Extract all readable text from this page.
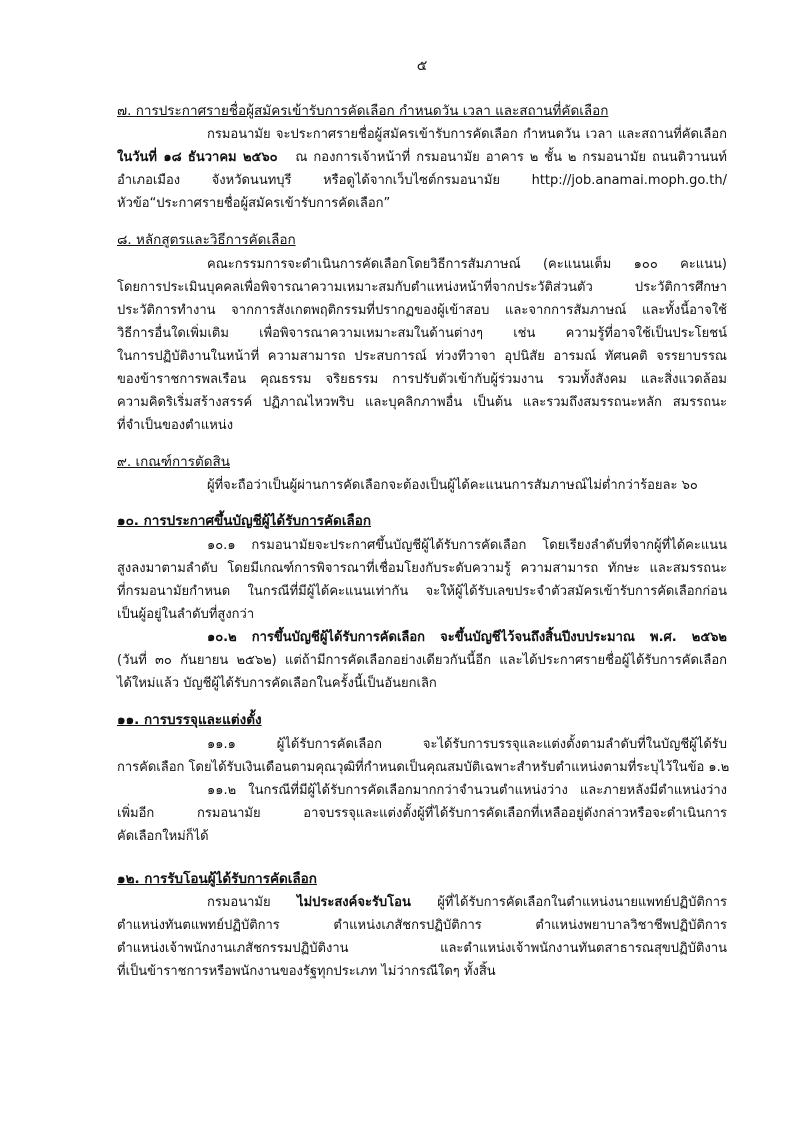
๕
๗. การประกาศรายชื่อผู้สมัครเข้ารับการคัดเลือก กำหนดวัน เวลา และสถานที่คัดเลือก
กรมอนามัย จะประกาศรายชื่อผู้สมัครเข้ารับการคัดเลือก กำหนดวัน เวลา และสถานที่คัดเลือก
ในวันที่ ๑๘ ธันวาคม ๒๕๖๐ ณ กองการเจ้าหน้าที่ กรมอนามัย อาคาร ๒ ชั้น ๒ กรมอนามัย ถนนติวานนท์
อำเภอเมือง จังหวัดนนทบุรี หรือดูได้จากเว็บไซต์กรมอนามัย http://job.anamai.moph.go.th/
หัวข้อ“ประกาศรายชื่อผู้สมัครเข้ารับการคัดเลือก”
๘. หลักสูตรและวิธีการคัดเลือก
คณะกรรมการจะดำเนินการคัดเลือกโดยวิธีการสัมภาษณ์ (คะแนนเต็ม ๑๐๐ คะแนน)
โดยการประเมินบุคคลเพื่อพิจารณาความเหมาะสมกับตำแหน่งหน้าที่จากประวัติส่วนตัว ประวัติการศึกษา
ประวัติการทำงาน จากการสังเกตพฤติกรรมที่ปรากฏของผู้เข้าสอบ และจากการสัมภาษณ์ และทั้งนี้อาจใช้
วิธีการอื่นใดเพิ่มเติม เพื่อพิจารณาความเหมาะสมในด้านต่างๆ เช่น ความรู้ที่อาจใช้เป็นประโยชน์
ในการปฏิบัติงานในหน้าที่ ความสามารถ ประสบการณ์ ท่วงทีวาจา อุปนิสัย อารมณ์ ทัศนคติ จรรยาบรรณ
ของข้าราชการพลเรือน คุณธรรม จริยธรรม การปรับตัวเข้ากับผู้ร่วมงาน รวมทั้งสังคม และสิ่งแวดล้อม
ความคิดริเริ่มสร้างสรรค์ ปฏิภาณไหวพริบ และบุคลิกภาพอื่น เป็นต้น และรวมถึงสมรรถนะหลัก สมรรถนะ
ที่จำเป็นของตำแหน่ง
๙. เกณฑ์การตัดสิน
ผู้ที่จะถือว่าเป็นผู้ผ่านการคัดเลือกจะต้องเป็นผู้ได้คะแนนการสัมภาษณ์ไม่ต่ำกว่าร้อยละ ๖๐
๑๐. การประกาศขึ้นบัญชีผู้ได้รับการคัดเลือก
๑๐.๑ กรมอนามัยจะประกาศขึ้นบัญชีผู้ได้รับการคัดเลือก โดยเรียงลำดับที่จากผู้ที่ได้คะแนน
สูงลงมาตามลำดับ โดยมีเกณฑ์การพิจารณาที่เชื่อมโยงกับระดับความรู้ ความสามารถ ทักษะ และสมรรถนะ
ที่กรมอนามัยกำหนด ในกรณีที่มีผู้ได้คะแนนเท่ากัน จะให้ผู้ได้รับเลขประจำตัวสมัครเข้ารับการคัดเลือกก่อน
เป็นผู้อยู่ในลำดับที่สูงกว่า
๑๐.๒ การขึ้นบัญชีผู้ได้รับการคัดเลือก จะขึ้นบัญชีไว้จนถึงสิ้นปีงบประมาณ พ.ศ. ๒๕๖๒
(วันที่ ๓๐ กันยายน ๒๕๖๒) แต่ถ้ามีการคัดเลือกอย่างเดียวกันนี้อีก และได้ประกาศรายชื่อผู้ได้รับการคัดเลือก
ได้ใหม่แล้ว บัญชีผู้ได้รับการคัดเลือกในครั้งนี้เป็นอันยกเลิก
๑๑. การบรรจุและแต่งตั้ง
๑๑.๑ ผู้ได้รับการคัดเลือก จะได้รับการบรรจุและแต่งตั้งตามลำดับที่ในบัญชีผู้ได้รับ
การคัดเลือก โดยได้รับเงินเดือนตามคุณวุฒิที่กำหนดเป็นคุณสมบัติเฉพาะสำหรับตำแหน่งตามที่ระบุไว้ในข้อ ๑.๒
๑๑.๒ ในกรณีที่มีผู้ได้รับการคัดเลือกมากกว่าจำนวนตำแหน่งว่าง และภายหลังมีตำแหน่งว่าง
เพิ่มอีก กรมอนามัย อาจบรรจุและแต่งตั้งผู้ที่ได้รับการคัดเลือกที่เหลืออยู่ดังกล่าวหรือจะดำเนินการ
คัดเลือกใหม่ก็ได้
๑๒. การรับโอนผู้ได้รับการคัดเลือก
กรมอนามัย ไม่ประสงค์จะรับโอน ผู้ที่ได้รับการคัดเลือกในตำแหน่งนายแพทย์ปฏิบัติการ
ตำแหน่งทันตแพทย์ปฏิบัติการ ตำแหน่งเภสัชกรปฏิบัติการ ตำแหน่งพยาบาลวิชาชีพปฏิบัติการ
ตำแหน่งเจ้าพนักงานเภสัชกรรมปฏิบัติงาน และตำแหน่งเจ้าพนักงานทันตสาธารณสุขปฏิบัติงาน
ที่เป็นข้าราชการหรือพนักงานของรัฐทุกประเภท ไม่ว่ากรณีใดๆ ทั้งสิ้น
